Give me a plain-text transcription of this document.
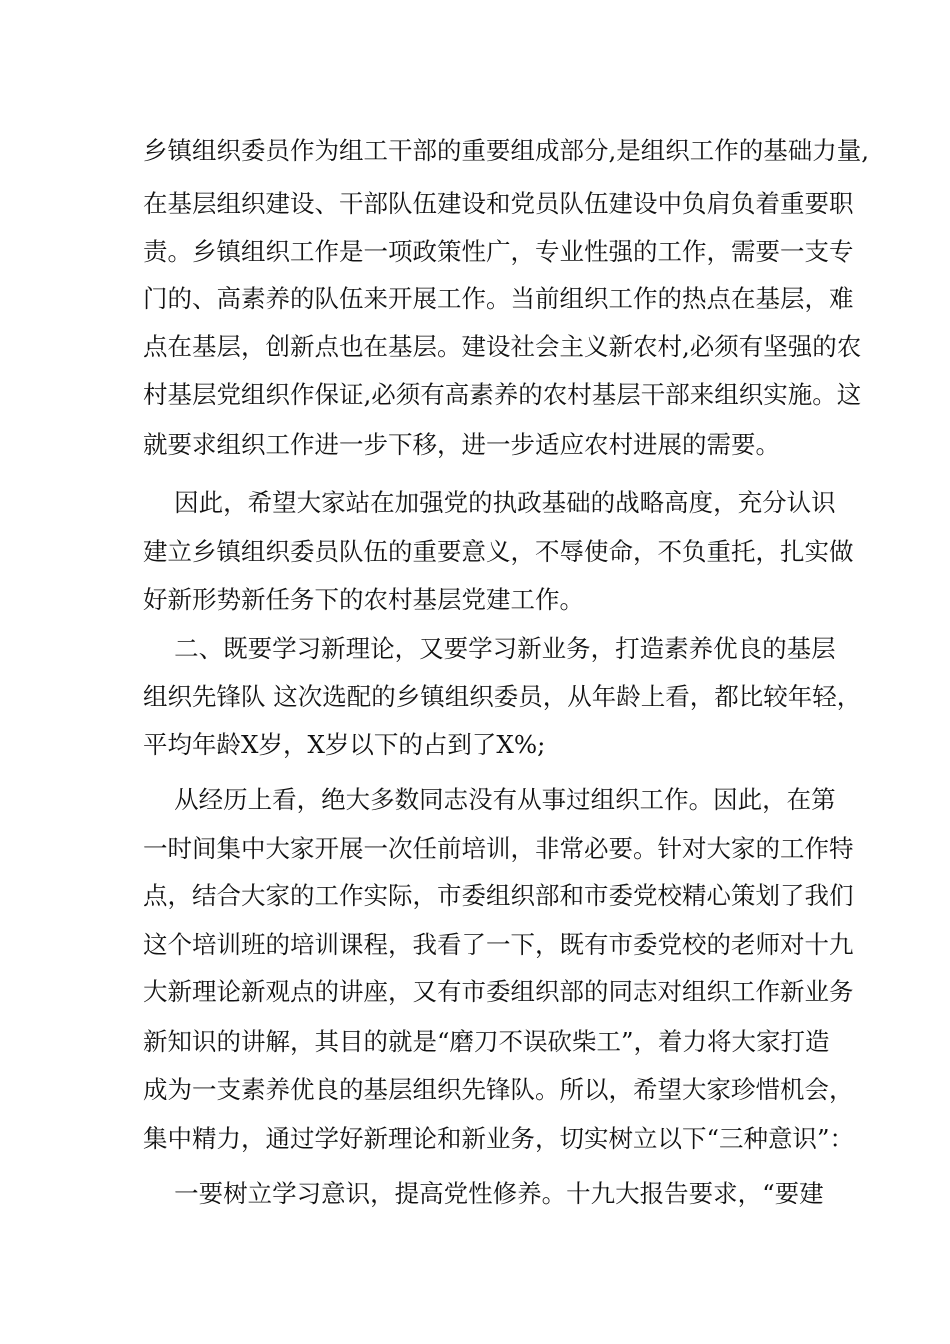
乡镇组织委员作为组工干部的重要组成部分,是组织工作的基础力量,
在基层组织建设、干部队伍建设和党员队伍建设中负肩负着重要职
责。乡镇组织工作是一项政策性广，专业性强的工作，需要一支专
门的、高素养的队伍来开展工作。当前组织工作的热点在基层，难
点在基层，创新点也在基层。建设社会主义新农村,必须有坚强的农
村基层党组织作保证,必须有高素养的农村基层干部来组织实施。这
就要求组织工作进一步下移，进一步适应农村进展的需要。
因此，希望大家站在加强党的执政基础的战略高度，充分认识
建立乡镇组织委员队伍的重要意义，不辱使命，不负重托，扎实做
好新形势新任务下的农村基层党建工作。
二、既要学习新理论，又要学习新业务，打造素养优良的基层
组织先锋队 这次选配的乡镇组织委员，从年龄上看，都比较年轻，
平均年龄X岁，X岁以下的占到了X%;
从经历上看，绝大多数同志没有从事过组织工作。因此，在第
一时间集中大家开展一次任前培训，非常必要。针对大家的工作特
点，结合大家的工作实际，市委组织部和市委党校精心策划了我们
这个培训班的培训课程，我看了一下，既有市委党校的老师对十九
大新理论新观点的讲座，又有市委组织部的同志对组织工作新业务
新知识的讲解，其目的就是“磨刀不误砍柴工”，着力将大家打造
成为一支素养优良的基层组织先锋队。所以，希望大家珍惜机会，
集中精力，通过学好新理论和新业务，切实树立以下“三种意识”：
一要树立学习意识，提高党性修养。十九大报告要求，“要建
